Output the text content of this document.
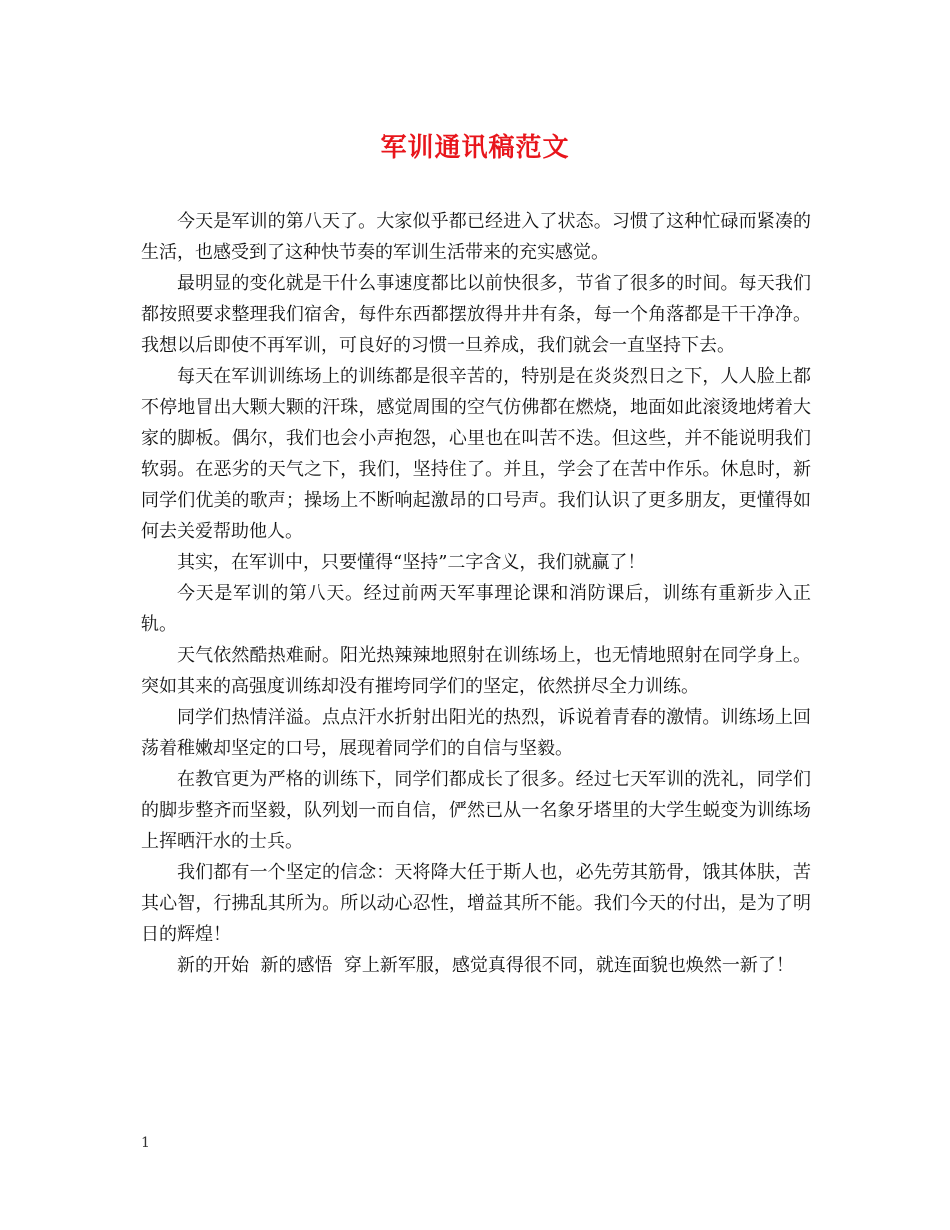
军训通讯稿范文

今天是军训的第八天了。大家似乎都已经进入了状态。习惯了这种忙碌而紧凑的生活，也感受到了这种快节奏的军训生活带来的充实感觉。

最明显的变化就是干什么事速度都比以前快很多，节省了很多的时间。每天我们都按照要求整理我们宿舍，每件东西都摆放得井井有条，每一个角落都是干干净净。我想以后即使不再军训，可良好的习惯一旦养成，我们就会一直坚持下去。

每天在军训训练场上的训练都是很辛苦的，特别是在炎炎烈日之下，人人脸上都不停地冒出大颗大颗的汗珠，感觉周围的空气仿佛都在燃烧，地面如此滚烫地烤着大家的脚板。偶尔，我们也会小声抱怨，心里也在叫苦不迭。但这些，并不能说明我们软弱。在恶劣的天气之下，我们，坚持住了。并且，学会了在苦中作乐。休息时，新同学们优美的歌声；操场上不断响起激昂的口号声。我们认识了更多朋友，更懂得如何去关爱帮助他人。

其实，在军训中，只要懂得“坚持”二字含义，我们就赢了！

今天是军训的第八天。经过前两天军事理论课和消防课后，训练有重新步入正轨。

天气依然酷热难耐。阳光热辣辣地照射在训练场上，也无情地照射在同学身上。突如其来的高强度训练却没有摧垮同学们的坚定，依然拼尽全力训练。

同学们热情洋溢。点点汗水折射出阳光的热烈，诉说着青春的激情。训练场上回荡着稚嫩却坚定的口号，展现着同学们的自信与坚毅。

在教官更为严格的训练下，同学们都成长了很多。经过七天军训的洗礼，同学们的脚步整齐而坚毅，队列划一而自信，俨然已从一名象牙塔里的大学生蜕变为训练场上挥晒汗水的士兵。

我们都有一个坚定的信念：天将降大任于斯人也，必先劳其筋骨，饿其体肤，苦其心智，行拂乱其所为。所以动心忍性，增益其所不能。我们今天的付出，是为了明日的辉煌！

新的开始  新的感悟  穿上新军服，感觉真得很不同，就连面貌也焕然一新了！

1
